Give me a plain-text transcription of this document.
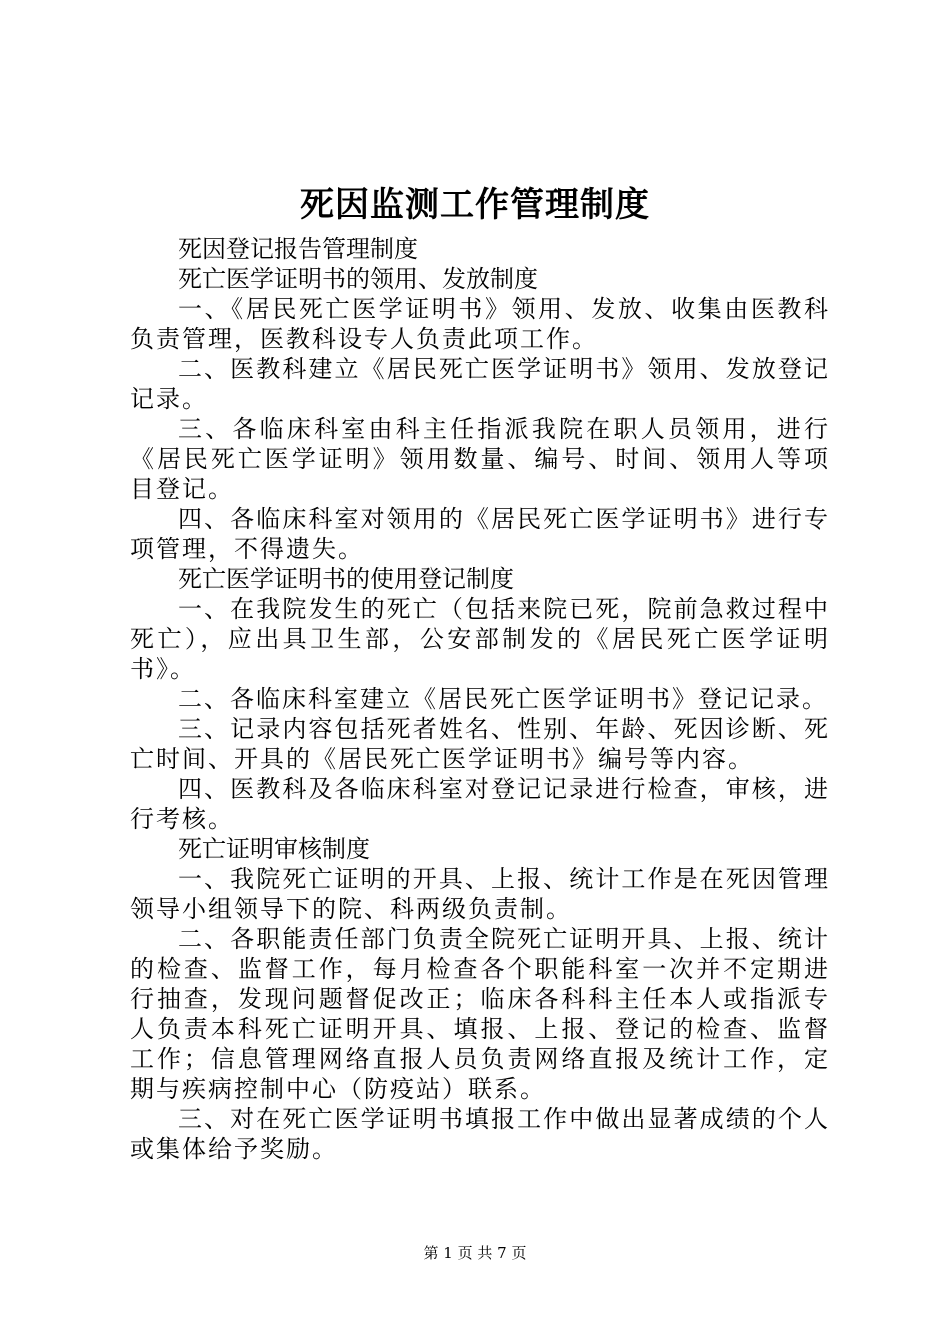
死因监测工作管理制度

死因登记报告管理制度

死亡医学证明书的领用、发放制度

一、《居民死亡医学证明书》领用、发放、收集由医教科负责管理，医教科设专人负责此项工作。

二、医教科建立《居民死亡医学证明书》领用、发放登记记录。

三、各临床科室由科主任指派我院在职人员领用，进行《居民死亡医学证明》领用数量、编号、时间、领用人等项目登记。

四、各临床科室对领用的《居民死亡医学证明书》进行专项管理，不得遗失。

死亡医学证明书的使用登记制度

一、在我院发生的死亡（包括来院已死，院前急救过程中死亡），应出具卫生部，公安部制发的《居民死亡医学证明书》。

二、各临床科室建立《居民死亡医学证明书》登记记录。

三、记录内容包括死者姓名、性别、年龄、死因诊断、死亡时间、开具的《居民死亡医学证明书》编号等内容。

四、医教科及各临床科室对登记记录进行检查，审核，进行考核。

死亡证明审核制度

一、我院死亡证明的开具、上报、统计工作是在死因管理领导小组领导下的院、科两级负责制。

二、各职能责任部门负责全院死亡证明开具、上报、统计的检查、监督工作，每月检查各个职能科室一次并不定期进行抽查，发现问题督促改正；临床各科科主任本人或指派专人负责本科死亡证明开具、填报、上报、登记的检查、监督工作；信息管理网络直报人员负责网络直报及统计工作，定期与疾病控制中心（防疫站）联系。

三、对在死亡医学证明书填报工作中做出显著成绩的个人或集体给予奖励。

第 1 页 共 7 页
